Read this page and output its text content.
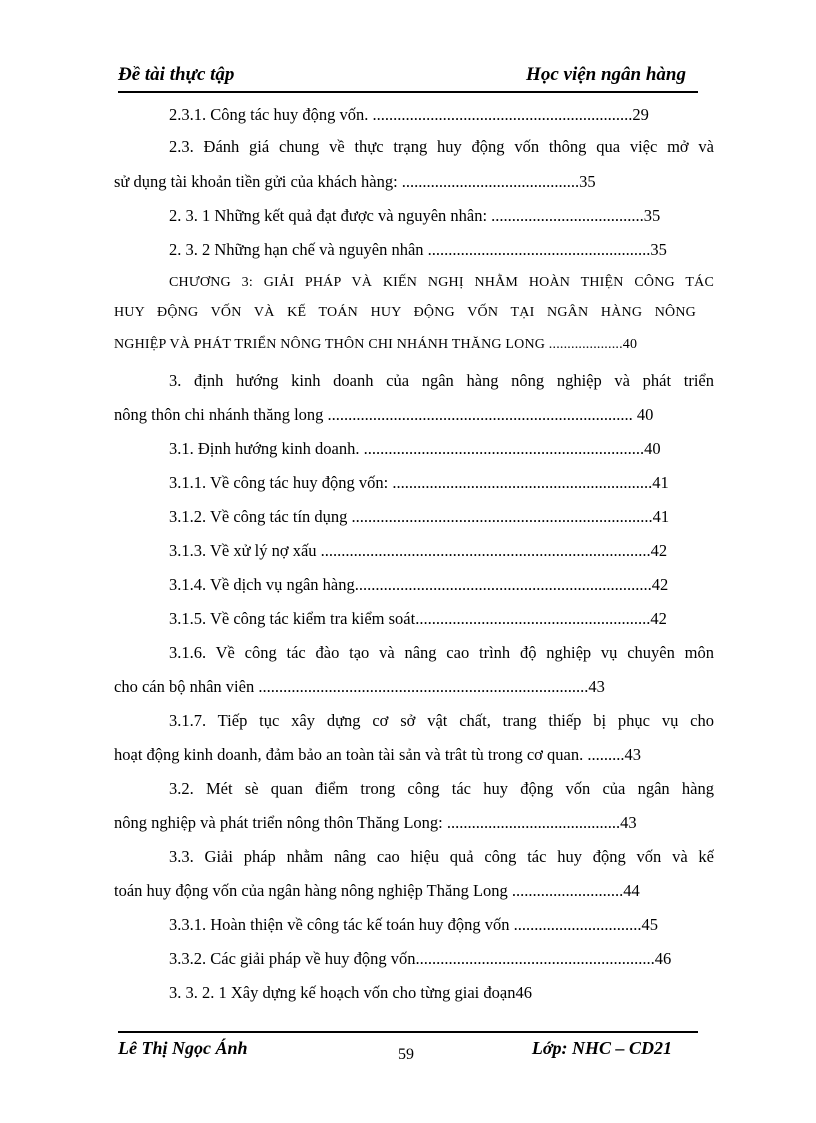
Đề tài thực tập	Học viện ngân hàng
2.3.1. Công tác huy động vốn. ...............................................................29
2.3. Đánh giá chung về thực trạng huy động vốn thông qua việc mở và
sử dụng tài khoản tiền gửi của khách hàng: ...........................................35
2. 3. 1 Những kết quả đạt được và nguyên nhân: .....................................35
2. 3. 2 Những hạn chế và nguyên nhân ......................................................35
CHƯƠNG 3: GIẢI PHÁP VÀ KIẾN NGHỊ NHẰM HOÀN THIỆN CÔNG TÁC
HUY ĐỘNG VỐN VÀ KẾ TOÁN HUY ĐỘNG VỐN TẠI NGÂN HÀNG NÔNG
NGHIỆP VÀ PHÁT TRIỂN NÔNG THÔN CHI NHÁNH THĂNG LONG ....................40
3. định hướng kinh doanh của ngân hàng nông nghiệp và phát triển
nông thôn chi nhánh thăng long .......................................................................... 40
3.1. Định hướng kinh doanh. ....................................................................40
3.1.1. Về công tác huy động vốn: ...............................................................41
3.1.2. Về công tác tín dụng .........................................................................41
3.1.3. Về xử lý nợ xấu ................................................................................42
3.1.4. Về dịch vụ ngân hàng........................................................................42
3.1.5. Về công tác kiểm tra kiểm soát.........................................................42
3.1.6. Về công tác đào tạo và nâng cao trình độ nghiệp vụ chuyên môn
cho cán bộ nhân viên ................................................................................43
3.1.7. Tiếp tục xây dựng cơ sở vật chất, trang thiếp bị phục vụ cho
hoạt động kinh doanh, đảm bảo an toàn tài sản và trât tù trong cơ quan. .........43
3.2. Mét sè quan điểm trong công tác huy động vốn của ngân hàng
nông nghiệp và phát triển nông thôn Thăng Long: ..........................................43
3.3. Giải pháp nhằm nâng cao hiệu quả công tác huy động vốn và kế
toán huy động vốn của ngân hàng nông nghiệp Thăng Long ...........................44
3.3.1. Hoàn thiện về công tác kế toán huy động vốn ...............................45
3.3.2. Các giải pháp về huy động vốn..........................................................46
3. 3. 2. 1 Xây dựng kế hoạch vốn cho từng giai đoạn46
Lê Thị Ngọc Ánh	59	Lớp: NHC – CD21
